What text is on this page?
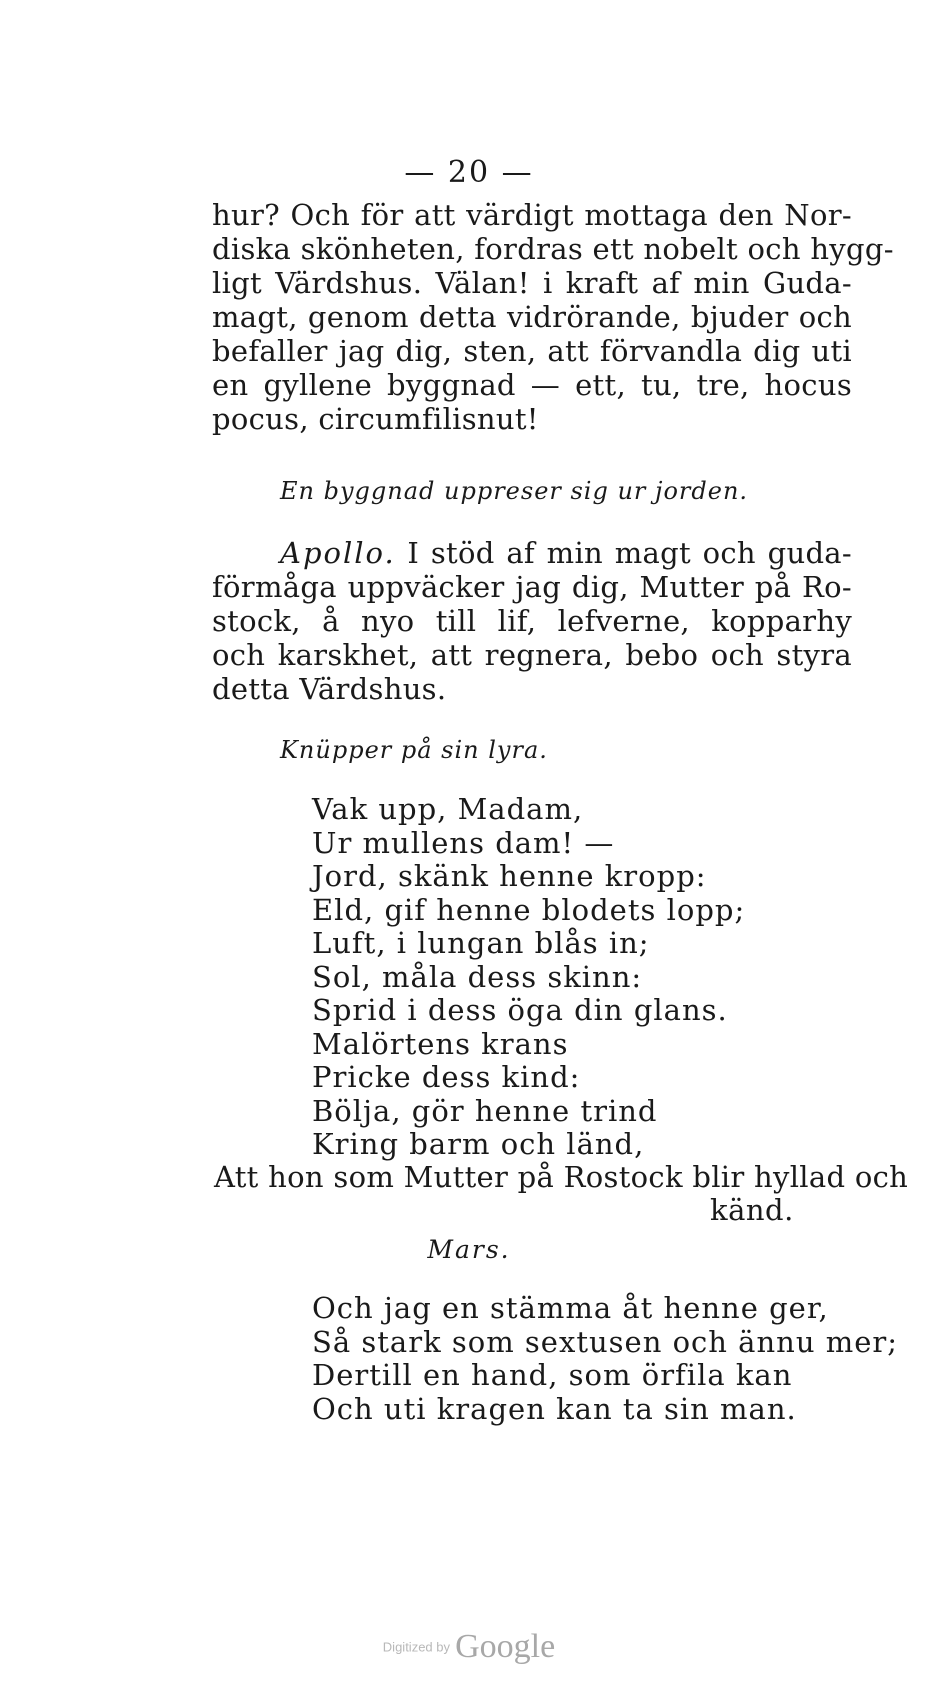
— 20 —
hur? Och för att värdigt mottaga den Nor-
diska skönheten, fordras ett nobelt och hygg-
ligt Värdshus. Välan! i kraft af min Guda-
magt, genom detta vidrörande, bjuder och
befaller jag dig, sten, att förvandla dig uti
en gyllene byggnad — ett, tu, tre, hocus
pocus, circumfilisnut!
En byggnad uppreser sig ur jorden.
Apollo. I stöd af min magt och guda-
förmåga uppväcker jag dig, Mutter på Ro-
stock, å nyo till lif, lefverne, kopparhy
och karskhet, att regnera, bebo och styra
detta Värdshus.
Knüpper på sin lyra.
Vak upp, Madam,
Ur mullens dam! —
Jord, skänk henne kropp:
Eld, gif henne blodets lopp;
Luft, i lungan blås in;
Sol, måla dess skinn:
Sprid i dess öga din glans.
Malörtens krans
Pricke dess kind:
Bölja, gör henne trind
Kring barm och länd,
Att hon som Mutter på Rostock blir hyllad och
känd.
Mars.
Och jag en stämma åt henne ger,
Så stark som sextusen och ännu mer;
Dertill en hand, som örfila kan
Och uti kragen kan ta sin man.
Digitized by Google
